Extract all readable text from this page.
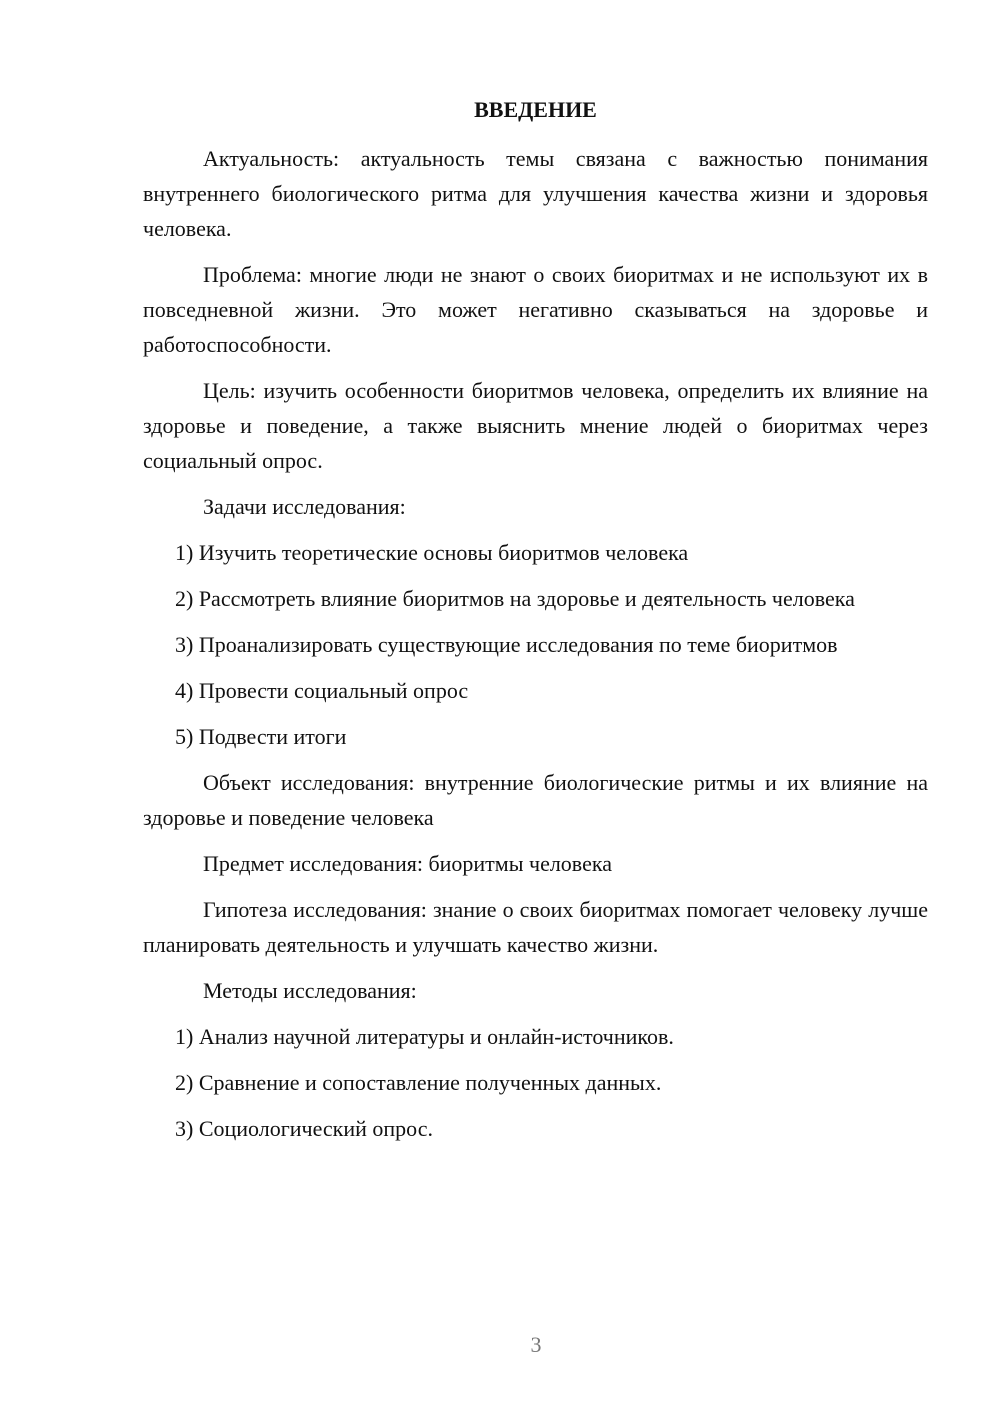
ВВЕДЕНИЕ

Актуальность: актуальность темы связана с важностью понимания внутреннего биологического ритма для улучшения качества жизни и здоровья человека.

Проблема: многие люди не знают о своих биоритмах и не используют их в повседневной жизни. Это может негативно сказываться на здоровье и работоспособности.

Цель: изучить особенности биоритмов человека, определить их влияние на здоровье и поведение, а также выяснить мнение людей о биоритмах через социальный опрос.

Задачи исследования:

1) Изучить теоретические основы биоритмов человека

2) Рассмотреть влияние биоритмов на здоровье и деятельность человека

3) Проанализировать существующие исследования по теме биоритмов

4) Провести социальный опрос

5) Подвести итоги

Объект исследования: внутренние биологические ритмы и их влияние на здоровье и поведение человека

Предмет исследования: биоритмы человека

Гипотеза исследования: знание о своих биоритмах помогает человеку лучше планировать деятельность и улучшать качество жизни.

Методы исследования:

1) Анализ научной литературы и онлайн-источников.

2) Сравнение и сопоставление полученных данных.

3) Социологический опрос.

3
